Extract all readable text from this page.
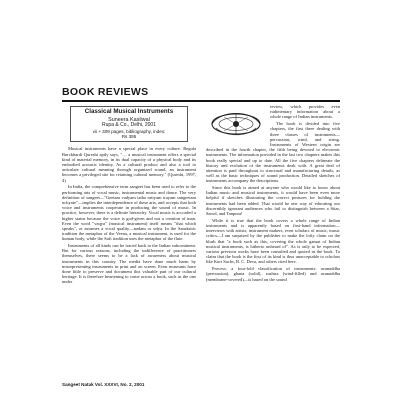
BOOK REVIEWS
Classical Musical Instruments
Suneera Kasliwal
Rupa & Co., Delhi, 2001
vii + 309 pages, bibliography, index;
Rs 395

Musical instruments have a special place in every culture. Regula Burckhardt Qureshi aptly says, "… a musical instrument offers a special kind of material memory, in its dual capacity of a physical body and its embodied acoustic identity. As a cultural product and also a tool to articulate cultural meaning through organized sound, an instrument becomes a privileged site for retaining cultural memory." (Qureshi, 1997, 4)

In India, the comprehensive term sangeet has been used to refer to the performing arts of vocal music, instrumental music and dance. The very definition of sangeet—"Geetam vadyam tatha nrityam trayam sangeetam uchyate"—implies the interdependence of these arts, and accepts that both voice and instruments cooperate in producing the sound of music. In practice, however, there is a definite hierarchy. Vocal music is accorded a higher status because the voice is god-given and not a creation of man. Even the word "vaqya" (musical instrument) itself means "that which speaks", or assumes a vocal quality—nadam or udya. In the Sanskritic tradition the metaphor of the Veena, a musical instrument, is used for the human body, while the Sufi tradition uses the metaphor of the flute.

Instruments of all kinds can be traced back to the Indian subcontinent. But for various reasons, including the indifference of practitioners themselves, there seems to be a lack of awareness about musical instruments in this country. The media have done much harm by misrepresenting instruments in print and on screen. Even museums have done little to preserve and document this valuable part of our cultural heritage. It is therefore heartening to come across a book, such as the one under

review, which provides even rudimentary information about a whole range of Indian instruments.

The book is divided into five chapters, the first three dealing with three classes of instruments—percussion, wind, and string. Instruments of Western origin are described in the fourth chapter, the fifth being devoted to electronic instruments. The information provided in the last two chapters makes this book really special and up to date. All the five chapters delineate the history and evolution of the instruments dealt with. A great deal of attention is paid throughout to structural and manufacturing details, as well as the basic techniques of sound production. Detailed sketches of instruments accompany the descriptions.

Since this book is aimed at anyone who would like to know about Indian music and musical instruments, it would have been even more helpful if sketches illustrating the correct postures for holding the instruments had been added. That would be one way of educating our discernibly ignorant audiences who fail to distinguish between a Sitar, Sarod, and Tanpura!

While it is true that the book covers a whole range of Indian instruments and is apparently based on first-hand information—interviews with artists, instrument makers, even scholars of music, music critics—I am surprised by the publisher to make the lofty claim on the blurb that "a book such as this, covering the whole gamut of Indian musical instruments, is hitherto unheard of". As is only to be expected, various previous works have been consulted and quoted in the book. To claim that the book is the first of its kind is thus unacceptable to scholars like Kurt Sachs, B. C. Deva, and others cited here.

Process: a four-fold classification of instruments: avanaddha (percussion), ghana (solid), sushira (wind-filled) and avanaddha (membrane-covered)—is based on the sound

Sangeet Natak Vol. XXXVI, No. 2, 2001
